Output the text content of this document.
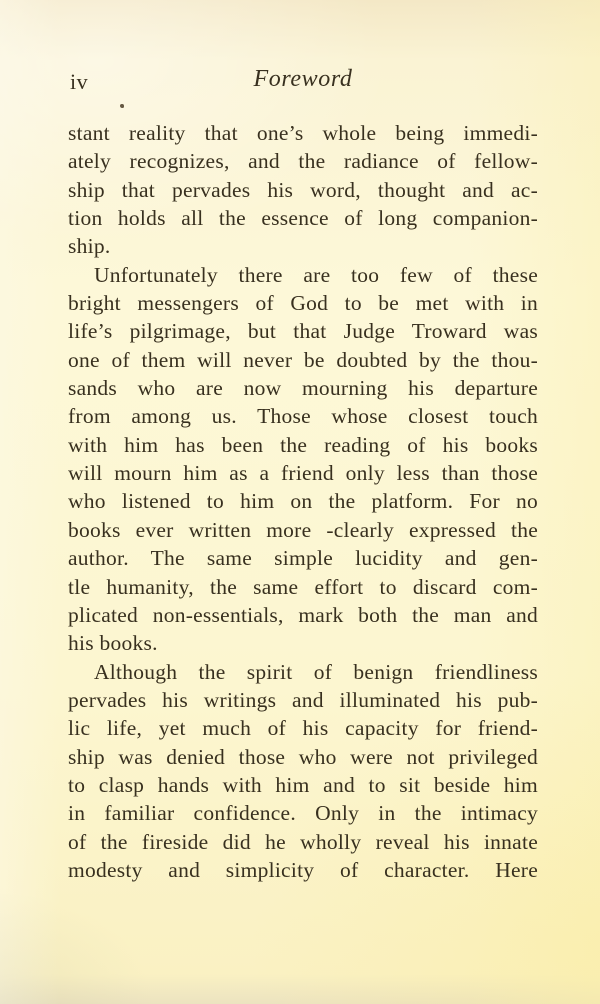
iv	Foreword
stant reality that one’s whole being immedi-
ately recognizes, and the radiance of fellow-
ship that pervades his word, thought and ac-
tion holds all the essence of long companion-
ship.
Unfortunately there are too few of these
bright messengers of God to be met with in
life’s pilgrimage, but that Judge Troward was
one of them will never be doubted by the thou-
sands who are now mourning his departure
from among us. Those whose closest touch
with him has been the reading of his books
will mourn him as a friend only less than those
who listened to him on the platform. For no
books ever written more -clearly expressed the
author. The same simple lucidity and gen-
tle humanity, the same effort to discard com-
plicated non-essentials, mark both the man and
his books.
Although the spirit of benign friendliness
pervades his writings and illuminated his pub-
lic life, yet much of his capacity for friend-
ship was denied those who were not privileged
to clasp hands with him and to sit beside him
in familiar confidence. Only in the intimacy
of the fireside did he wholly reveal his innate
modesty and simplicity of character. Here
